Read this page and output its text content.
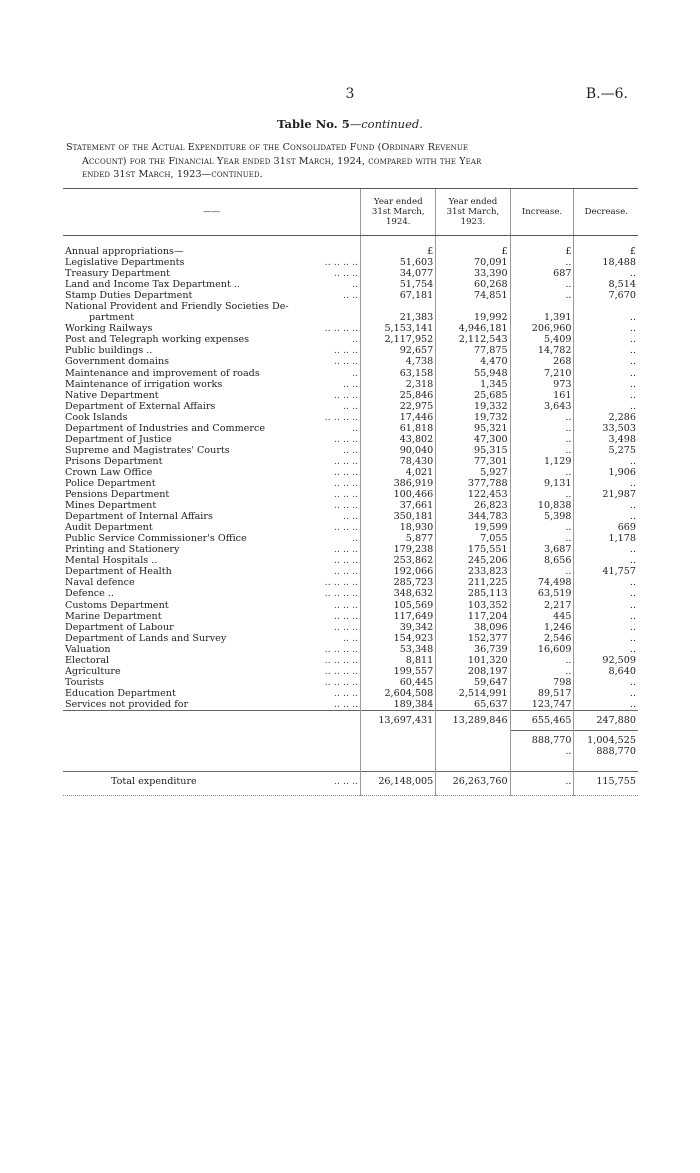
3	B.—6.
Table No. 5—continued.

Statement of the Actual Expenditure of the Consolidated Fund (Ordinary Revenue

Account) for the Financial Year ended 31st March, 1924, compared with the Year

ended 31st March, 1923—continued.

——	Year ended 31st March, 1924.	Year ended 31st March, 1923.	Increase.	Decrease.

Annual appropriations—	£	£	£	£
Legislative Departments .. .. .. ..	51,603	70,091	..	18,488
Treasury Department .. .. ..	34,077	33,390	687	..
Land and Income Tax Department .. ..	51,754	60,268	..	8,514
Stamp Duties Department .. ..	67,181	74,851	..	7,670
National Provident and Friendly Societies De-				
partment	21,383	19,992	1,391	..
Working Railways .. .. .. ..	5,153,141	4,946,181	206,960	..
Post and Telegraph working expenses ..	2,117,952	2,112,543	5,409	..
Public buildings .. .. .. ..	92,657	77,875	14,782	..
Government domains .. .. ..	4,738	4,470	268	..
Maintenance and improvement of roads ..	63,158	55,948	7,210	..
Maintenance of irrigation works .. ..	2,318	1,345	973	..
Native Department .. .. ..	25,846	25,685	161	..
Department of External Affairs .. ..	22,975	19,332	3,643	..
Cook Islands .. .. .. ..	17,446	19,732	..	2,286
Department of Industries and Commerce ..	61,818	95,321	..	33,503
Department of Justice .. .. ..	43,802	47,300	..	3,498
Supreme and Magistrates' Courts .. ..	90,040	95,315	..	5,275
Prisons Department .. .. ..	78,430	77,301	1,129	..
Crown Law Office .. .. ..	4,021	5,927	..	1,906
Police Department .. .. ..	386,919	377,788	9,131	..
Pensions Department .. .. ..	100,466	122,453	..	21,987
Mines Department .. .. ..	37,661	26,823	10,838	..
Department of Internal Affairs .. ..	350,181	344,783	5,398	..
Audit Department .. .. ..	18,930	19,599	..	669
Public Service Commissioner's Office ..	5,877	7,055	..	1,178
Printing and Stationery .. .. ..	179,238	175,551	3,687	..
Mental Hospitals .. .. .. ..	253,862	245,206	8,656	..
Department of Health .. .. ..	192,066	233,823	..	41,757
Naval defence .. .. .. ..	285,723	211,225	74,498	..
Defence .. .. .. .. ..	348,632	285,113	63,519	..
Customs Department .. .. ..	105,569	103,352	2,217	..
Marine Department .. .. ..	117,649	117,204	445	..
Department of Labour .. .. ..	39,342	38,096	1,246	..
Department of Lands and Survey .. ..	154,923	152,377	2,546	..
Valuation .. .. .. ..	53,348	36,739	16,609	..
Electoral .. .. .. ..	8,811	101,320	..	92,509
Agriculture .. .. .. ..	199,557	208,197	..	8,640
Tourists .. .. .. ..	60,445	59,647	798	..
Education Department .. .. ..	2,604,508	2,514,991	89,517	..
Services not provided for .. .. ..	189,384	65,637	123,747	..
	13,697,431	13,289,846	655,465	247,880
			888,770	1,004,525
			..	888,770

Total expenditure .. .. ..	26,148,005	26,263,760	..	115,755
